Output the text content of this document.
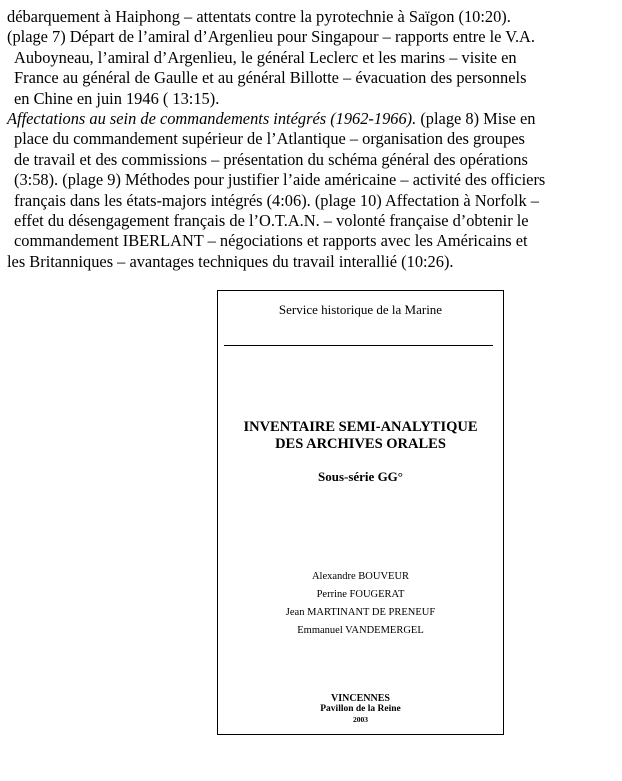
débarquement à Haiphong – attentats contre la pyrotechnie à Saïgon (10:20).
(plage 7) Départ de l’amiral d’Argenlieu pour Singapour – rapports entre le V.A.
Auboyneau, l’amiral d’Argenlieu, le général Leclerc et les marins – visite en
France au général de Gaulle et au général Billotte – évacuation des personnels
en Chine en juin 1946 ( 13:15).
Affectations au sein de commandements intégrés (1962-1966). (plage 8) Mise en
place du commandement supérieur de l’Atlantique – organisation des groupes
de travail et des commissions – présentation du schéma général des opérations
(3:58). (plage 9) Méthodes pour justifier l’aide américaine – activité des officiers
français dans les états-majors intégrés (4:06). (plage 10) Affectation à Norfolk –
effet du désengagement français de l’O.T.A.N. – volonté française d’obtenir le
commandement IBERLANT – négociations et rapports avec les Américains et
les Britanniques – avantages techniques du travail interallié (10:26).
Service historique de la Marine
INVENTAIRE SEMI-ANALYTIQUE
DES ARCHIVES ORALES
Sous-série GG°
Alexandre BOUVEUR
Perrine FOUGERAT
Jean MARTINANT DE PRENEUF
Emmanuel VANDEMERGEL
VINCENNES
Pavillon de la Reine
2003
